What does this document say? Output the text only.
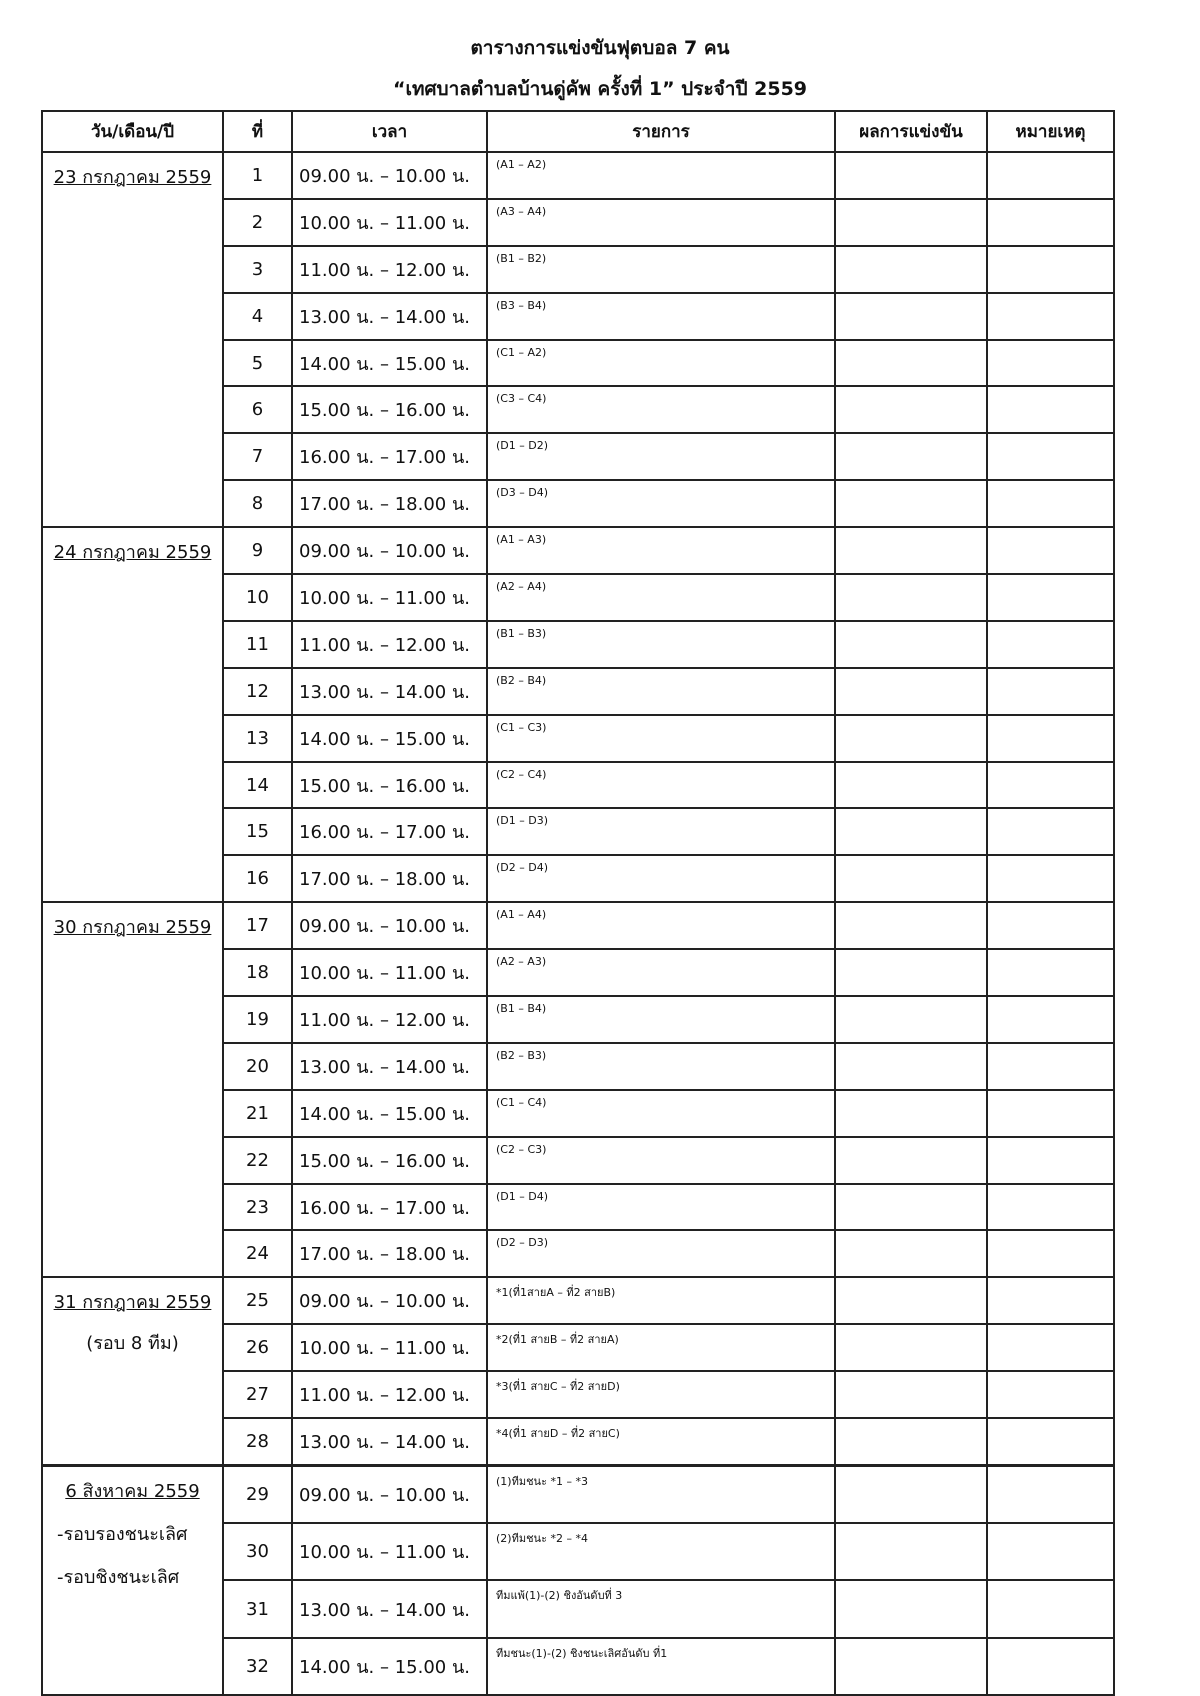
ตารางการแข่งขันฟุตบอล 7 คน
“เทศบาลตำบลบ้านดู่คัพ ครั้งที่ 1” ประจำปี 2559
วัน/เดือน/ปี	ที่	เวลา	รายการ	ผลการแข่งขัน	หมายเหตุ

23 กรกฎาคม 2559	1	09.00 น. – 10.00 น.	(A1 – A2)		
	2	10.00 น. – 11.00 น.	(A3 – A4)		
	3	11.00 น. – 12.00 น.	(B1 – B2)		
	4	13.00 น. – 14.00 น.	(B3 – B4)		
	5	14.00 น. – 15.00 น.	(C1 – A2)		
	6	15.00 น. – 16.00 น.	(C3 – C4)		
	7	16.00 น. – 17.00 น.	(D1 – D2)		
	8	17.00 น. – 18.00 น.	(D3 – D4)		

24 กรกฎาคม 2559	9	09.00 น. – 10.00 น.	(A1 – A3)		
	10	10.00 น. – 11.00 น.	(A2 – A4)		
	11	11.00 น. – 12.00 น.	(B1 – B3)		
	12	13.00 น. – 14.00 น.	(B2 – B4)		
	13	14.00 น. – 15.00 น.	(C1 – C3)		
	14	15.00 น. – 16.00 น.	(C2 – C4)		
	15	16.00 น. – 17.00 น.	(D1 – D3)		
	16	17.00 น. – 18.00 น.	(D2 – D4)		

30 กรกฎาคม 2559	17	09.00 น. – 10.00 น.	(A1 – A4)		
	18	10.00 น. – 11.00 น.	(A2 – A3)		
	19	11.00 น. – 12.00 น.	(B1 – B4)		
	20	13.00 น. – 14.00 น.	(B2 – B3)		
	21	14.00 น. – 15.00 น.	(C1 – C4)		
	22	15.00 น. – 16.00 น.	(C2 – C3)		
	23	16.00 น. – 17.00 น.	(D1 – D4)		
	24	17.00 น. – 18.00 น.	(D2 – D3)		

31 กรกฎาคม 2559
(รอบ 8 ทีม)	25	09.00 น. – 10.00 น.	*1(ที่1สายA – ที่2 สายB)		
	26	10.00 น. – 11.00 น.	*2(ที่1 สายB – ที่2 สายA)		
	27	11.00 น. – 12.00 น.	*3(ที่1 สายC – ที่2 สายD)		
	28	13.00 น. – 14.00 น.	*4(ที่1 สายD – ที่2 สายC)		

6 สิงหาคม 2559
-รอบรองชนะเลิศ
-รอบชิงชนะเลิศ	29	09.00 น. – 10.00 น.	(1)ทีมชนะ *1 – *3		
	30	10.00 น. – 11.00 น.	(2)ทีมชนะ *2 – *4		
	31	13.00 น. – 14.00 น.	ทีมแพ้(1)-(2) ชิงอันดับที่ 3		
	32	14.00 น. – 15.00 น.	ทีมชนะ(1)-(2) ชิงชนะเลิศอันดับ ที่1		
